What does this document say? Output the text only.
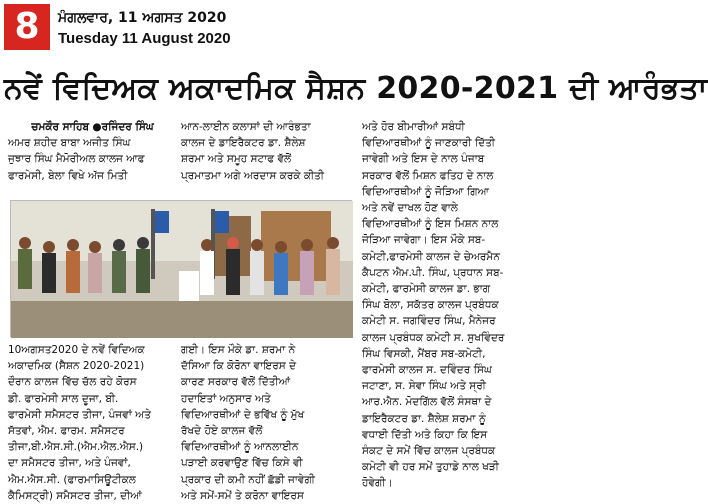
8	ਮੰਗਲਵਾਰ, 11 ਅਗਸਤ 2020
Tuesday 11 August 2020
ਨਵੇਂ ਵਿਦਿਅਕ ਅਕਾਦਮਿਕ ਸੈਸ਼ਨ 2020-2021 ਦੀ ਆਰੰਭਤਾ
ਚਮਕੌਰ ਸਾਹਿਬ ●ਰਜਿੰਦਰ ਸਿੰਘ
ਅਮਰ ਸ਼ਹੀਦ ਬਾਬਾ ਅਜੀਤ ਸਿੰਘ
ਜੁਝਾਰ ਸਿੰਘ ਮੈਮੋਰੀਅਲ ਕਾਲਜ ਆਫ
ਫਾਰਮੇਸੀ, ਬੇਲਾ ਵਿਖੇ ਅੱਜ ਮਿਤੀ
ਆਨ-ਲਾਈਨ ਕਲਾਸਾਂ ਦੀ ਆਰੰਭਤਾ
ਕਾਲਜ ਦੇ ਡਾਇਰੈਕਟਰ ਡਾ. ਸ਼ੈਲੇਸ਼
ਸ਼ਰਮਾ ਅਤੇ ਸਮੂਹ ਸਟਾਫ ਵੱਲੋਂ
ਪ੍ਰਮਾਤਮਾ ਅਗੇ ਅਰਦਾਸ ਕਰਕੇ ਕੀਤੀ
10ਅਗਸਤ2020 ਦੇ ਨਵੇਂ ਵਿਦਿਅਕ
ਅਕਾਦਮਿਕ (ਸੈਸ਼ਨ 2020-2021)
ਦੌਰਾਨ ਕਾਲਜ ਵਿੱਚ ਚੱਲ ਰਹੇ ਕੋਰਸ
ਡੀ. ਫਾਰਮੇਸੀ ਸਾਲ ਦੂਜਾ, ਬੀ.
ਫਾਰਮੇਸੀ ਸਮੈਸਟਰ ਤੀਜਾ, ਪੰਜਵਾਂ ਅਤੇ
ਸੱਤਵਾਂ, ਐਮ. ਫਾਰਮ. ਸਮੈਸਟਰ
ਤੀਜਾ,ਬੀ.ਐਸ.ਸੀ.(ਐਮ.ਐਲ.ਐਸ.)
ਦਾ ਸਮੈਸਟਰ ਤੀਜਾ, ਅਤੇ ਪੰਜਵਾਂ,
ਐਮ.ਐਸ.ਸੀ. (ਫਾਰਮਾਸਿਊਟੀਕਲ
ਕੈਮਿਸਟ੍ਰੀ) ਸਮੈਸਟਰ ਤੀਜਾ, ਦੀਆਂ
ਗਈ। ਇਸ ਮੌਕੇ ਡਾ. ਸ਼ਰਮਾ ਨੇ
ਦੱਸਿਆ ਕਿ ਕੋਰੋਨਾ ਵਾਇਰਸ ਦੇ
ਕਾਰਣ ਸਰਕਾਰ ਵੱਲੋਂ ਦਿੱਤੀਆਂ
ਹਦਾਇਤਾਂ ਅਨੁਸਾਰ ਅਤੇ
ਵਿਦਿਆਰਥੀਆਂ ਦੇ ਭਵਿੱਖ ਨੂੰ ਮੁੱਖ
ਰੱਖਦੇ ਹੋਏ ਕਾਲਜ ਵੱਲੋਂ
ਵਿਦਿਆਰਥੀਆਂ ਨੂੰ ਆਨਲਾਈਨ
ਪੜਾਈ ਕਰਵਾਉਣ ਵਿੱਚ ਕਿਸੇ ਵੀ
ਪ੍ਰਕਾਰ ਦੀ ਕਮੀ ਨਹੀਂ ਛੱਡੀ ਜਾਵੇਗੀ
ਅਤੇ ਸਮੇਂ-ਸਮੇਂ ਤੇ ਕਰੋਨਾ ਵਾਇਰਸ
ਅਤੇ ਹੋਰ ਬੀਮਾਰੀਆਂ ਸਬੰਧੀ
ਵਿਦਿਆਰਥੀਆਂ ਨੂੰ ਜਾਣਕਾਰੀ ਦਿੱਤੀ
ਜਾਵੇਗੀ ਅਤੇ ਇਸ ਦੇ ਨਾਲ ਪੰਜਾਬ
ਸਰਕਾਰ ਵੱਲੋਂ ਮਿਸ਼ਨ ਫਤਿਹ ਦੇ ਨਾਲ
ਵਿਦਿਆਰਥੀਆਂ ਨੂੰ ਜੋੜਿਆ ਗਿਆ
ਅਤੇ ਨਵੇਂ ਦਾਖਲ ਹੋਣ ਵਾਲੇ
ਵਿਦਿਆਰਥੀਆਂ ਨੂੰ ਇਸ ਮਿਸ਼ਨ ਨਾਲ
ਜੋੜਿਆ ਜਾਵੇਗਾ। ਇਸ ਮੌਕੇ ਸਬ-
ਕਮੇਟੀ,ਫਾਰਮੇਸੀ ਕਾਲਜ ਦੇ ਚੇਅਰਮੈਨ
ਕੈਪਟਨ ਐਮ.ਪੀ. ਸਿੰਘ, ਪ੍ਰਧਾਨ ਸਬ-
ਕਮੇਟੀ, ਫਾਰਮੇਸੀ ਕਾਲਜ ਡਾ. ਭਾਗ
ਸਿੰਘ ਬੋਲਾ, ਸਕੱਤਰ ਕਾਲਜ ਪ੍ਰਬੰਧਕ
ਕਮੇਟੀ ਸ. ਜਗਵਿੰਦਰ ਸਿੰਘ, ਮੈਨੇਜਰ
ਕਾਲਜ ਪ੍ਰਬੰਧਕ ਕਮੇਟੀ ਸ. ਸੁਖਵਿੰਦਰ
ਸਿੰਘ ਵਿਸਕੀ, ਮੈਂਬਰ ਸਬ-ਕਮੇਟੀ,
ਫਾਰਮੇਸੀ ਕਾਲਜ ਸ. ਦਵਿੰਦਰ ਸਿੰਘ
ਜਟਾਣਾ, ਸ. ਸੇਵਾ ਸਿੰਘ ਅਤੇ ਸ੍ਰੀ
ਆਰ.ਐਨ. ਮੋਦਗਿੱਲ ਵੱਲੋਂ ਸੰਸਥਾ ਦੇ
ਡਾਇਰੈਕਟਰ ਡਾ. ਸ਼ੈਲੇਸ਼ ਸ਼ਰਮਾ ਨੂੰ
ਵਧਾਈ ਦਿੱਤੀ ਅਤੇ ਕਿਹਾ ਕਿ ਇਸ
ਸੰਕਟ ਦੇ ਸਮੇਂ ਵਿੱਚ ਕਾਲਜ ਪ੍ਰਬੰਧਕ
ਕਮੇਟੀ ਵੀ ਹਰ ਸਮੇਂ ਤੁਹਾਡੇ ਨਾਲ ਖੜੀ
ਹੋਵੇਗੀ।
